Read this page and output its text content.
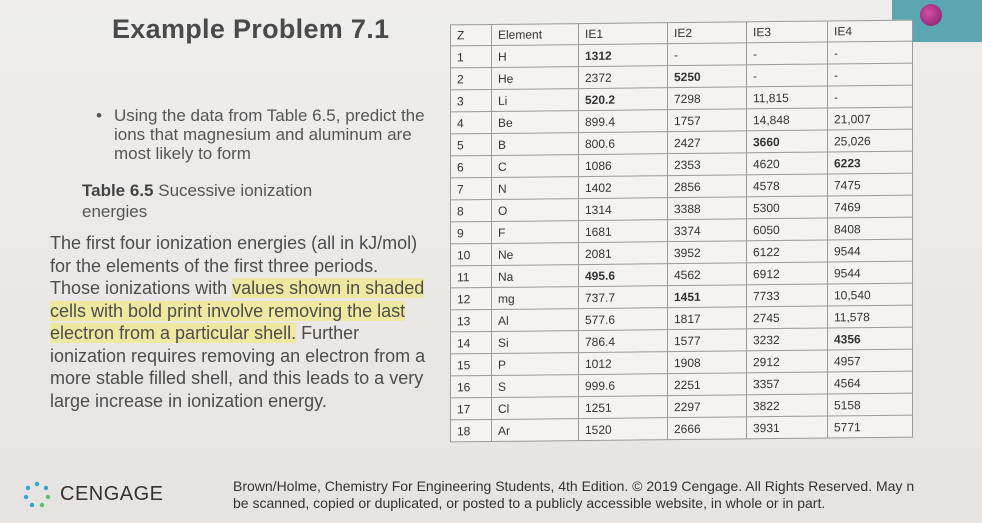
Example Problem 7.1
• Using the data from Table 6.5, predict the ions that magnesium and aluminum are most likely to form
Table 6.5 Sucessive ionization energies
The first four ionization energies (all in kJ/mol) for the elements of the first three periods. Those ionizations with values shown in shaded cells with bold print involve removing the last electron from a particular shell. Further ionization requires removing an electron from a more stable filled shell, and this leads to a very large increase in ionization energy.
Z	Element	IE1	IE2	IE3	IE4
1	H	1312	-	-	-
2	He	2372	5250	-	-
3	Li	520.2	7298	11,815	-
4	Be	899.4	1757	14,848	21,007
5	B	800.6	2427	3660	25,026
6	C	1086	2353	4620	6223
7	N	1402	2856	4578	7475
8	O	1314	3388	5300	7469
9	F	1681	3374	6050	8408
10	Ne	2081	3952	6122	9544
11	Na	495.6	4562	6912	9544
12	mg	737.7	1451	7733	10,540
13	Al	577.6	1817	2745	11,578
14	Si	786.4	1577	3232	4356
15	P	1012	1908	2912	4957
16	S	999.6	2251	3357	4564
17	Cl	1251	2297	3822	5158
18	Ar	1520	2666	3931	5771
CENGAGE	Brown/Holme, Chemistry For Engineering Students, 4th Edition. © 2019 Cengage. All Rights Reserved. May n
be scanned, copied or duplicated, or posted to a publicly accessible website, in whole or in part.
